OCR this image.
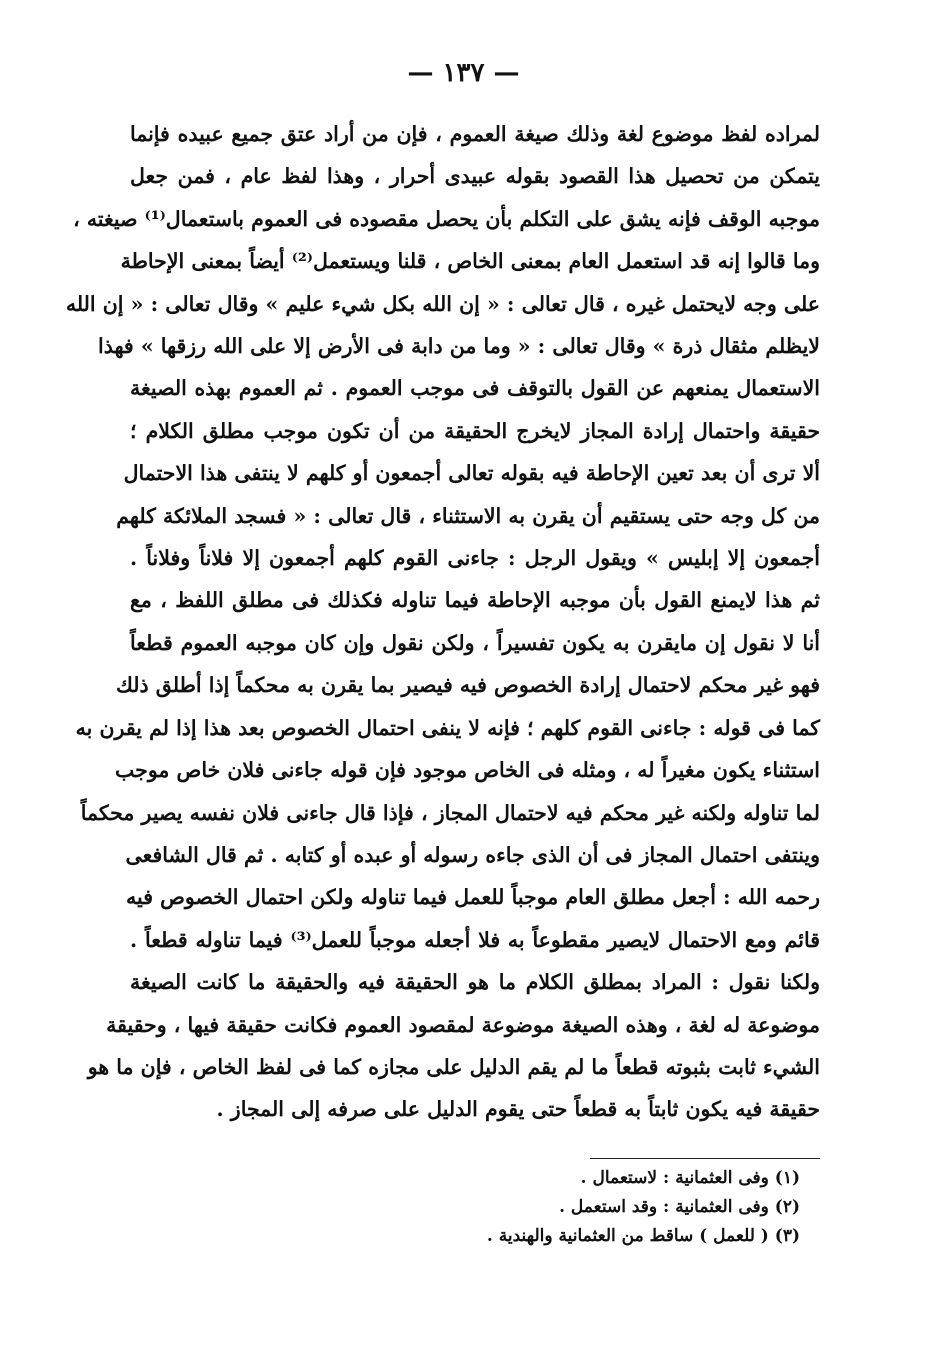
— ١٣٧ —
لمراده لفظ موضوع لغة وذلك صيغة العموم ، فإن من أراد عتق جميع عبيده فإنما
يتمكن من تحصيل هذا القصود بقوله عبيدى أحرار ، وهذا لفظ عام ، فمن جعل
موجبه الوقف فإنه يشق على التكلم بأن يحصل مقصوده فى العموم باستعمال⁽¹⁾ صيغته ،
وما قالوا إنه قد استعمل العام بمعنى الخاص ، قلنا ويستعمل⁽²⁾ أيضاً بمعنى الإحاطة
على وجه لايحتمل غيره ، قال تعالى : « إن الله بكل شيء عليم » وقال تعالى : « إن الله
لايظلم مثقال ذرة » وقال تعالى : « وما من دابة فى الأرض إلا على الله رزقها » فهذا
الاستعمال يمنعهم عن القول بالتوقف فى موجب العموم . ثم العموم بهذه الصيغة
حقيقة واحتمال إرادة المجاز لايخرج الحقيقة من أن تكون موجب مطلق الكلام ؛
ألا ترى أن بعد تعين الإحاطة فيه بقوله تعالى أجمعون أو كلهم لا ينتفى هذا الاحتمال
من كل وجه حتى يستقيم أن يقرن به الاستثناء ، قال تعالى : « فسجد الملائكة كلهم
أجمعون إلا إبليس » ويقول الرجل : جاءنى القوم كلهم أجمعون إلا فلاناً وفلاناً .
ثم هذا لايمنع القول بأن موجبه الإحاطة فيما تناوله فكذلك فى مطلق اللفظ ، مع
أنا لا نقول إن مايقرن به يكون تفسيراً ، ولكن نقول وإن كان موجبه العموم قطعاً
فهو غير محكم لاحتمال إرادة الخصوص فيه فيصير بما يقرن به محكماً إذا أطلق ذلك
كما فى قوله : جاءنى القوم كلهم ؛ فإنه لا ينفى احتمال الخصوص بعد هذا إذا لم يقرن به
استثناء يكون مغيراً له ، ومثله فى الخاص موجود فإن قوله جاءنى فلان خاص موجب
لما تناوله ولكنه غير محكم فيه لاحتمال المجاز ، فإذا قال جاءنى فلان نفسه يصير محكماً
وينتفى احتمال المجاز فى أن الذى جاءه رسوله أو عبده أو كتابه . ثم قال الشافعى
رحمه الله : أجعل مطلق العام موجباً للعمل فيما تناوله ولكن احتمال الخصوص فيه
قائم ومع الاحتمال لايصير مقطوعاً به فلا أجعله موجباً للعمل⁽³⁾ فيما تناوله قطعاً .
ولكنا نقول : المراد بمطلق الكلام ما هو الحقيقة فيه والحقيقة ما كانت الصيغة
موضوعة له لغة ، وهذه الصيغة موضوعة لمقصود العموم فكانت حقيقة فيها ، وحقيقة
الشيء ثابت بثبوته قطعاً ما لم يقم الدليل على مجازه كما فى لفظ الخاص ، فإن ما هو
حقيقة فيه يكون ثابتاً به قطعاً حتى يقوم الدليل على صرفه إلى المجاز .
(١) وفى العثمانية : لاستعمال .
(٢) وفى العثمانية : وقد استعمل .
(٣) ( للعمل ) ساقط من العثمانية والهندية .
